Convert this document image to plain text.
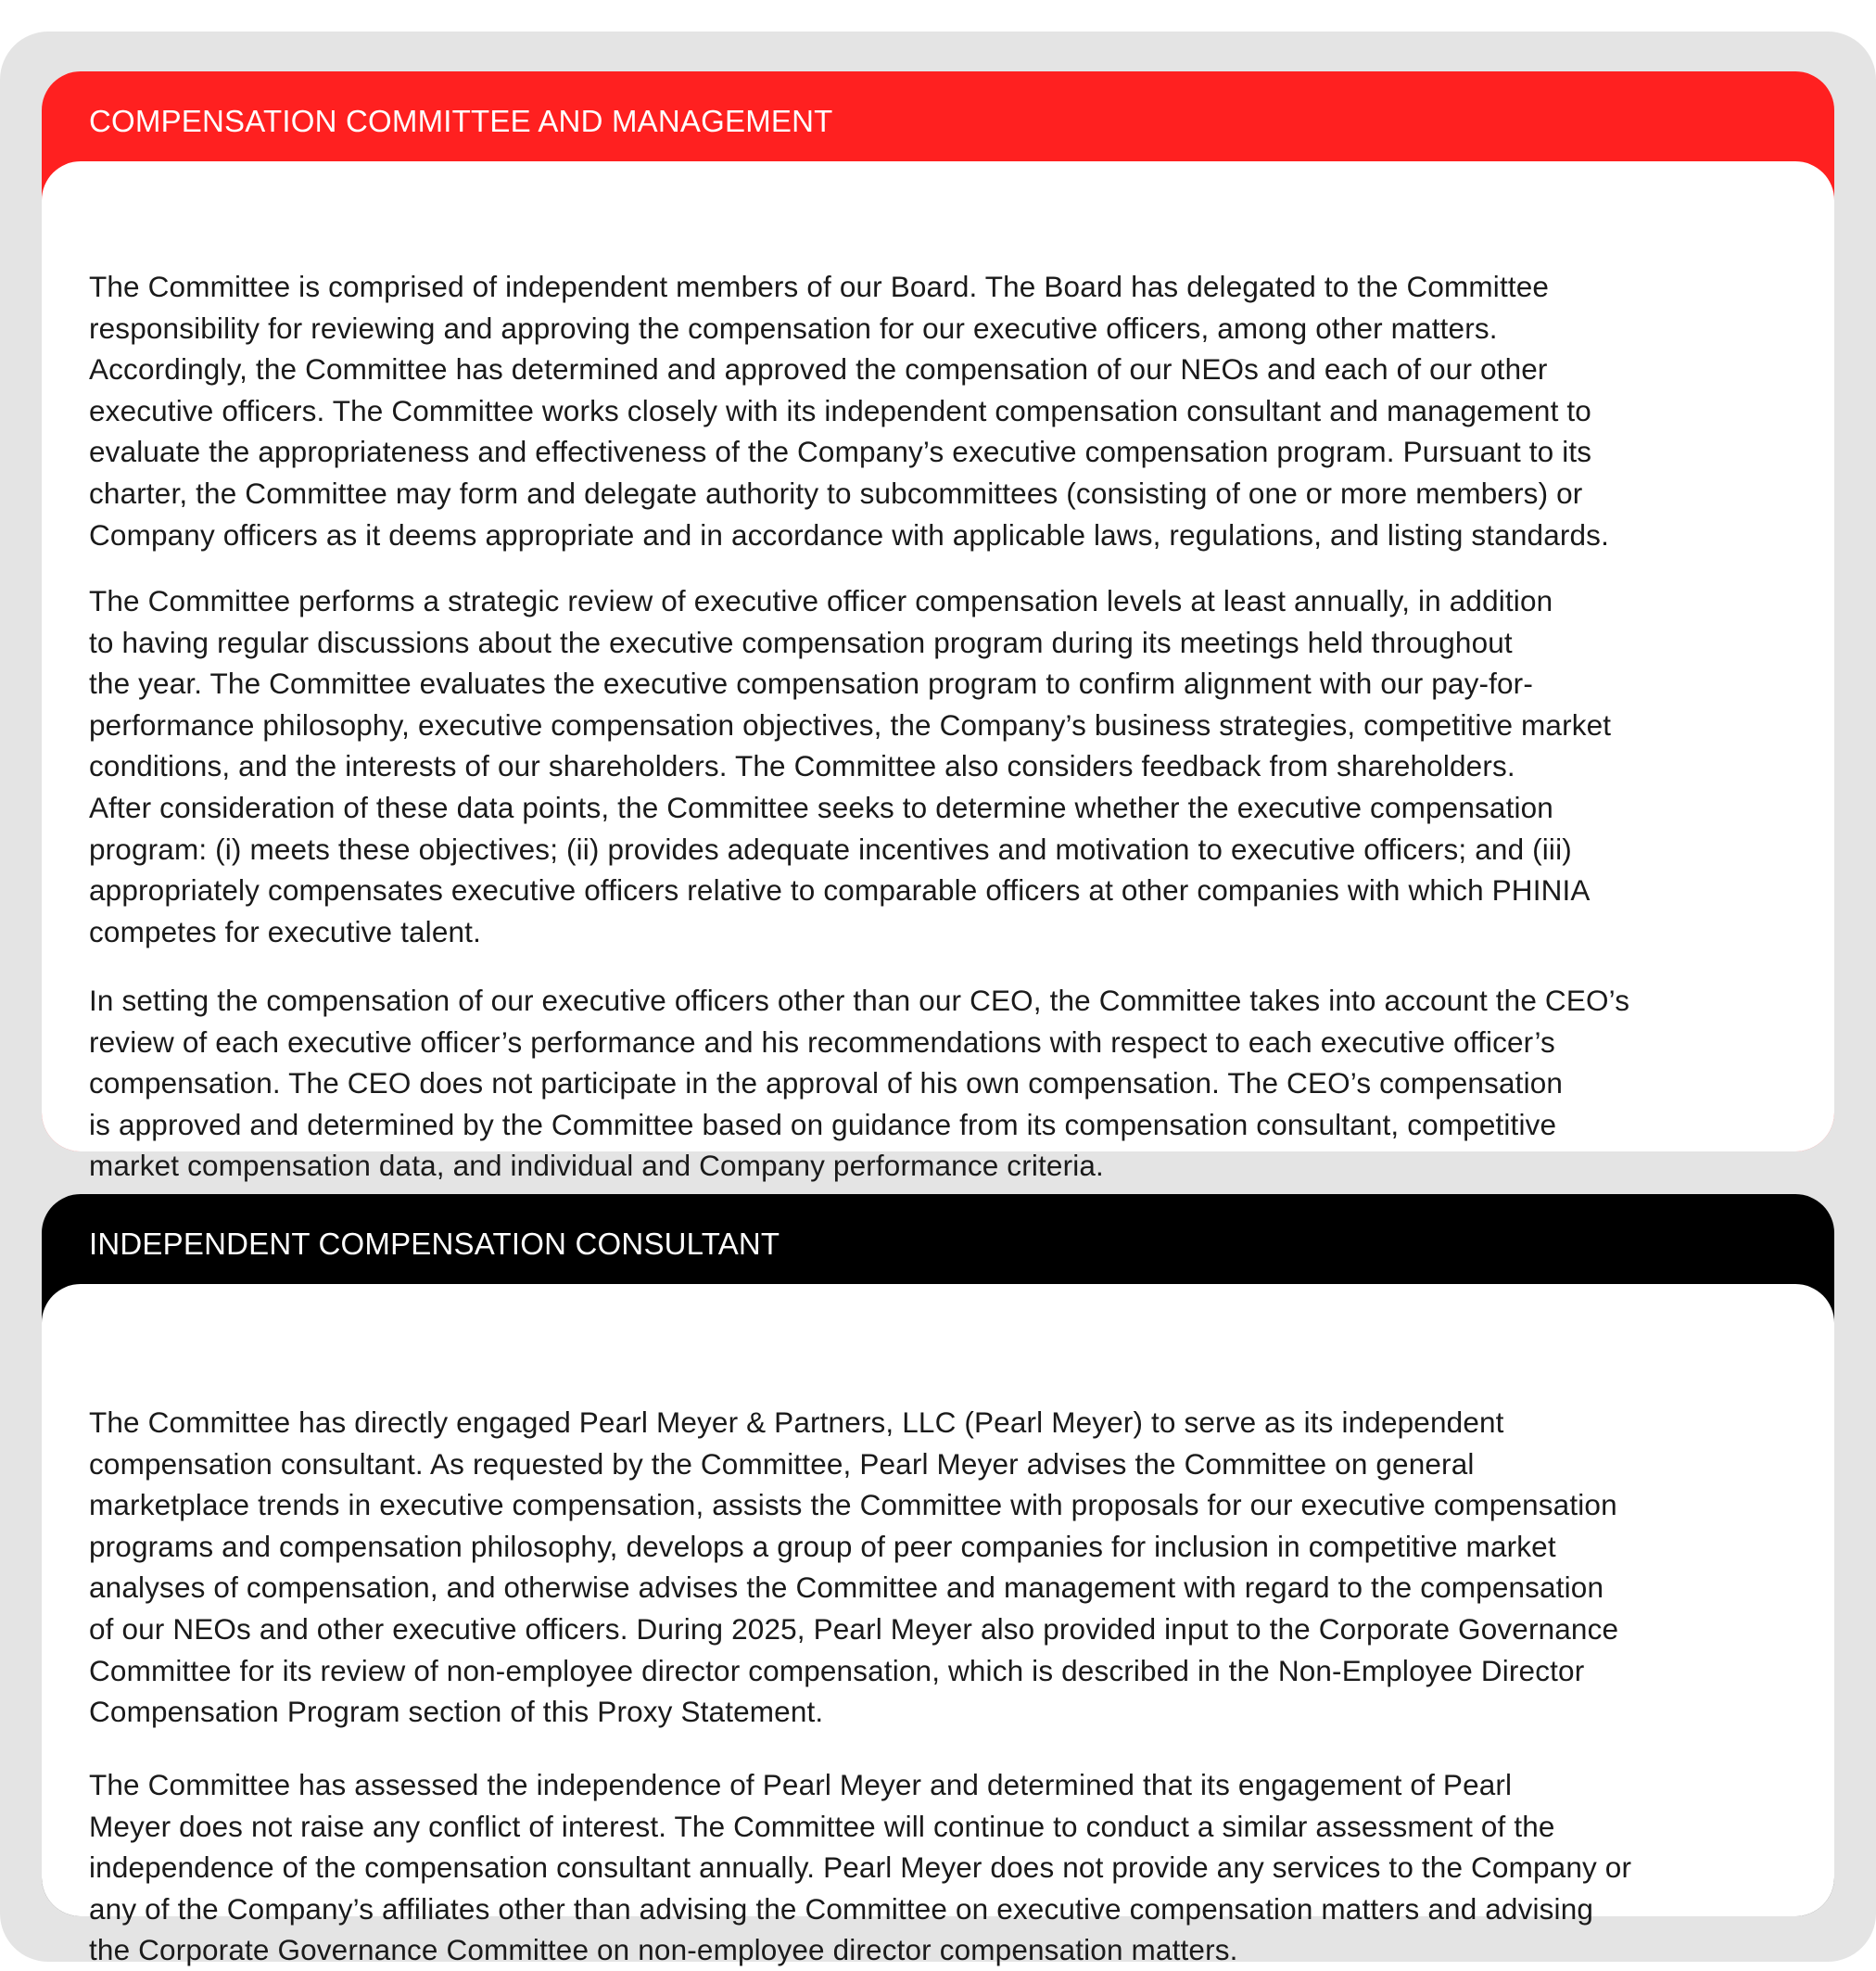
COMPENSATION COMMITTEE AND MANAGEMENT

The Committee is comprised of independent members of our Board. The Board has delegated to the Committee
responsibility for reviewing and approving the compensation for our executive officers, among other matters.
Accordingly, the Committee has determined and approved the compensation of our NEOs and each of our other
executive officers. The Committee works closely with its independent compensation consultant and management to
evaluate the appropriateness and effectiveness of the Company’s executive compensation program. Pursuant to its
charter, the Committee may form and delegate authority to subcommittees (consisting of one or more members) or
Company officers as it deems appropriate and in accordance with applicable laws, regulations, and listing standards.

The Committee performs a strategic review of executive officer compensation levels at least annually, in addition
to having regular discussions about the executive compensation program during its meetings held throughout
the year. The Committee evaluates the executive compensation program to confirm alignment with our pay-for-
performance philosophy, executive compensation objectives, the Company’s business strategies, competitive market
conditions, and the interests of our shareholders. The Committee also considers feedback from shareholders.
After consideration of these data points, the Committee seeks to determine whether the executive compensation
program: (i) meets these objectives; (ii) provides adequate incentives and motivation to executive officers; and (iii)
appropriately compensates executive officers relative to comparable officers at other companies with which PHINIA
competes for executive talent.

In setting the compensation of our executive officers other than our CEO, the Committee takes into account the CEO’s
review of each executive officer’s performance and his recommendations with respect to each executive officer’s
compensation. The CEO does not participate in the approval of his own compensation. The CEO’s compensation
is approved and determined by the Committee based on guidance from its compensation consultant, competitive
market compensation data, and individual and Company performance criteria.

INDEPENDENT COMPENSATION CONSULTANT

The Committee has directly engaged Pearl Meyer & Partners, LLC (Pearl Meyer) to serve as its independent
compensation consultant. As requested by the Committee, Pearl Meyer advises the Committee on general
marketplace trends in executive compensation, assists the Committee with proposals for our executive compensation
programs and compensation philosophy, develops a group of peer companies for inclusion in competitive market
analyses of compensation, and otherwise advises the Committee and management with regard to the compensation
of our NEOs and other executive officers. During 2025, Pearl Meyer also provided input to the Corporate Governance
Committee for its review of non-employee director compensation, which is described in the Non-Employee Director
Compensation Program section of this Proxy Statement.

The Committee has assessed the independence of Pearl Meyer and determined that its engagement of Pearl
Meyer does not raise any conflict of interest. The Committee will continue to conduct a similar assessment of the
independence of the compensation consultant annually. Pearl Meyer does not provide any services to the Company or
any of the Company’s affiliates other than advising the Committee on executive compensation matters and advising
the Corporate Governance Committee on non-employee director compensation matters.
